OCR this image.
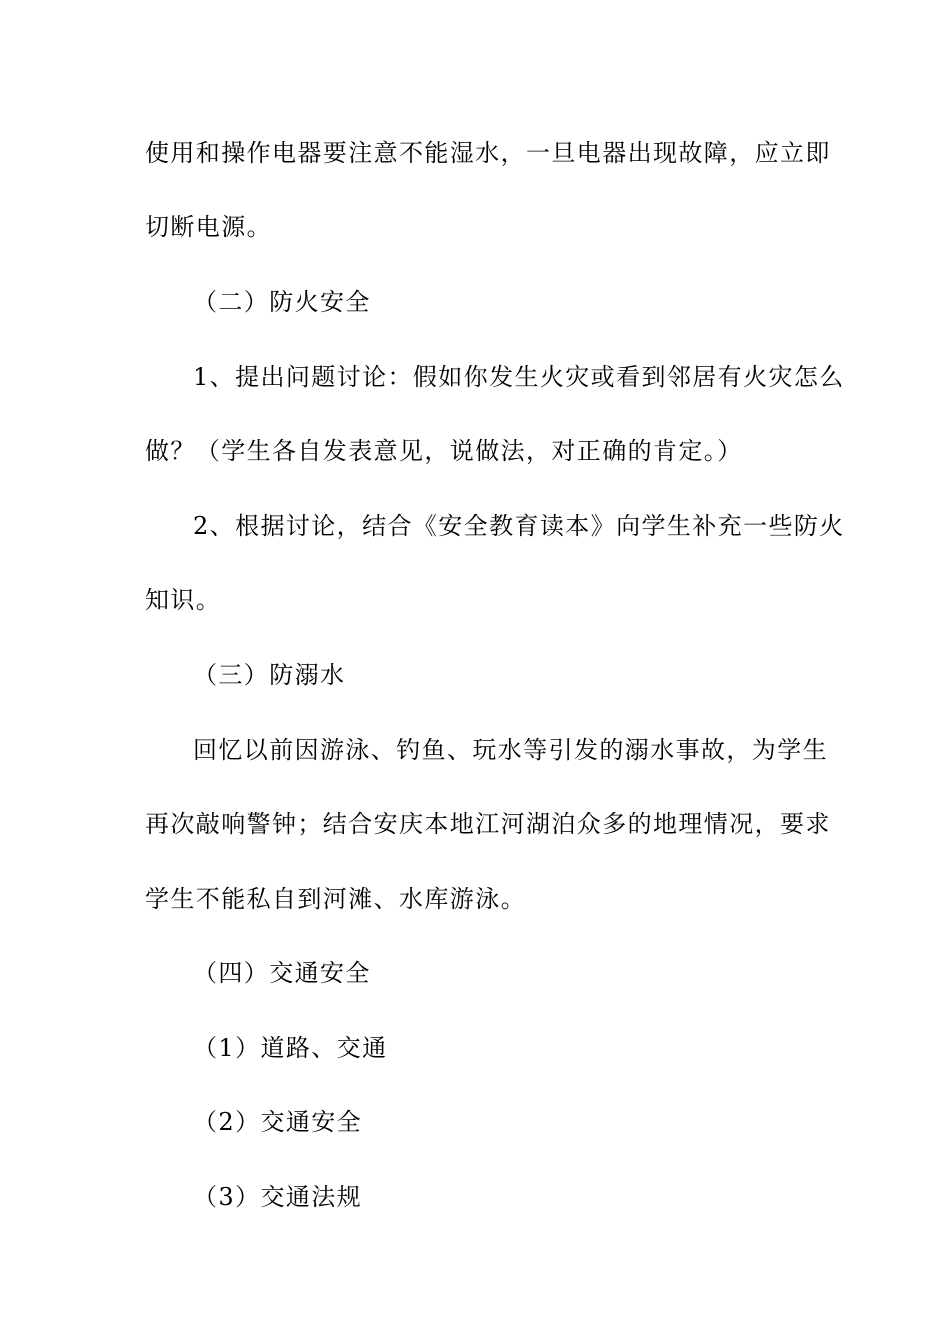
使用和操作电器要注意不能湿水，一旦电器出现故障，应立即
切断电源。
（二）防火安全
1、提出问题讨论：假如你发生火灾或看到邻居有火灾怎么
做？（学生各自发表意见，说做法，对正确的肯定。）
2、根据讨论，结合《安全教育读本》向学生补充一些防火
知识。
（三）防溺水
回忆以前因游泳、钓鱼、玩水等引发的溺水事故，为学生
再次敲响警钟；结合安庆本地江河湖泊众多的地理情况，要求
学生不能私自到河滩、水库游泳。
（四）交通安全
（1）道路、交通
（2）交通安全
（3）交通法规
